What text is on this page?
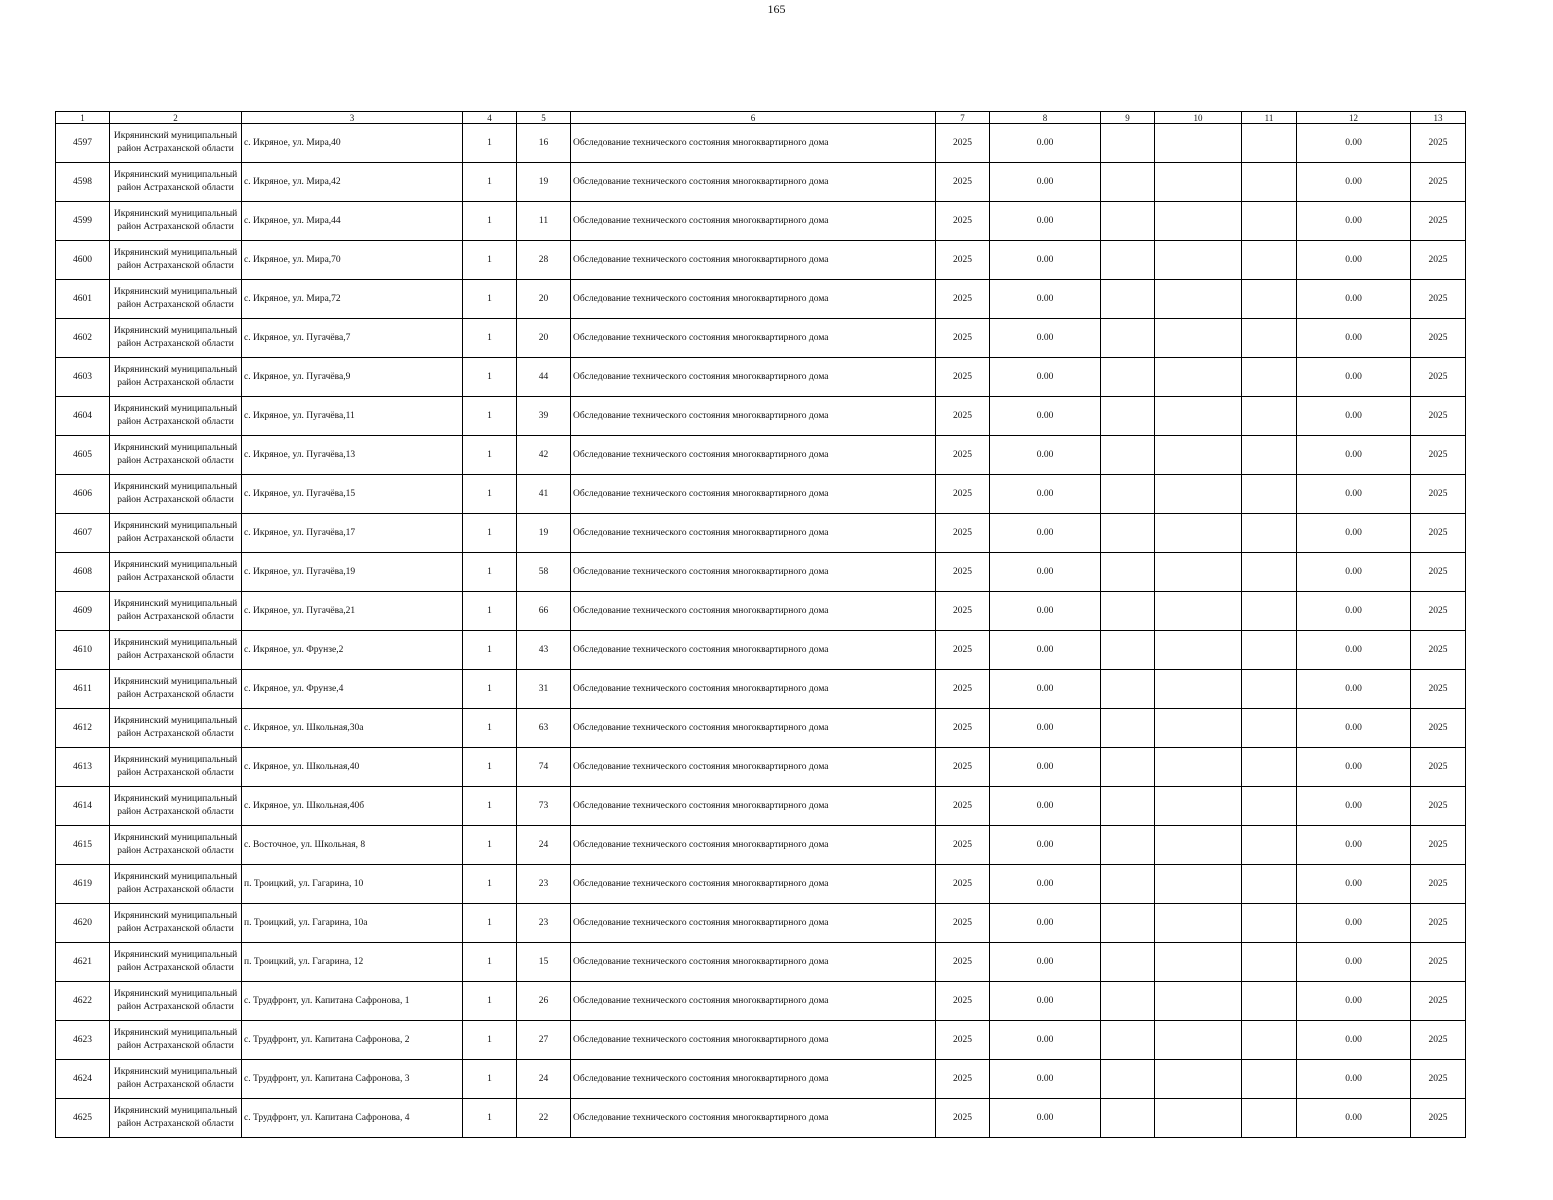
165
1	2	3	4	5	6	7	8	9	10	11	12	13
4597	Икрянинский муниципальный район Астраханской области	с. Икряное, ул. Мира,40	1	16	Обследование технического состояния многоквартирного дома	2025	0.00				0.00	2025
4598	Икрянинский муниципальный район Астраханской области	с. Икряное, ул. Мира,42	1	19	Обследование технического состояния многоквартирного дома	2025	0.00				0.00	2025
4599	Икрянинский муниципальный район Астраханской области	с. Икряное, ул. Мира,44	1	11	Обследование технического состояния многоквартирного дома	2025	0.00				0.00	2025
4600	Икрянинский муниципальный район Астраханской области	с. Икряное, ул. Мира,70	1	28	Обследование технического состояния многоквартирного дома	2025	0.00				0.00	2025
4601	Икрянинский муниципальный район Астраханской области	с. Икряное, ул. Мира,72	1	20	Обследование технического состояния многоквартирного дома	2025	0.00				0.00	2025
4602	Икрянинский муниципальный район Астраханской области	с. Икряное, ул. Пугачёва,7	1	20	Обследование технического состояния многоквартирного дома	2025	0.00				0.00	2025
4603	Икрянинский муниципальный район Астраханской области	с. Икряное, ул. Пугачёва,9	1	44	Обследование технического состояния многоквартирного дома	2025	0.00				0.00	2025
4604	Икрянинский муниципальный район Астраханской области	с. Икряное, ул. Пугачёва,11	1	39	Обследование технического состояния многоквартирного дома	2025	0.00				0.00	2025
4605	Икрянинский муниципальный район Астраханской области	с. Икряное, ул. Пугачёва,13	1	42	Обследование технического состояния многоквартирного дома	2025	0.00				0.00	2025
4606	Икрянинский муниципальный район Астраханской области	с. Икряное, ул. Пугачёва,15	1	41	Обследование технического состояния многоквартирного дома	2025	0.00				0.00	2025
4607	Икрянинский муниципальный район Астраханской области	с. Икряное, ул. Пугачёва,17	1	19	Обследование технического состояния многоквартирного дома	2025	0.00				0.00	2025
4608	Икрянинский муниципальный район Астраханской области	с. Икряное, ул. Пугачёва,19	1	58	Обследование технического состояния многоквартирного дома	2025	0.00				0.00	2025
4609	Икрянинский муниципальный район Астраханской области	с. Икряное, ул. Пугачёва,21	1	66	Обследование технического состояния многоквартирного дома	2025	0.00				0.00	2025
4610	Икрянинский муниципальный район Астраханской области	с. Икряное, ул. Фрунзе,2	1	43	Обследование технического состояния многоквартирного дома	2025	0.00				0.00	2025
4611	Икрянинский муниципальный район Астраханской области	с. Икряное, ул. Фрунзе,4	1	31	Обследование технического состояния многоквартирного дома	2025	0.00				0.00	2025
4612	Икрянинский муниципальный район Астраханской области	с. Икряное, ул. Школьная,30а	1	63	Обследование технического состояния многоквартирного дома	2025	0.00				0.00	2025
4613	Икрянинский муниципальный район Астраханской области	с. Икряное, ул. Школьная,40	1	74	Обследование технического состояния многоквартирного дома	2025	0.00				0.00	2025
4614	Икрянинский муниципальный район Астраханской области	с. Икряное, ул. Школьная,40б	1	73	Обследование технического состояния многоквартирного дома	2025	0.00				0.00	2025
4615	Икрянинский муниципальный район Астраханской области	с. Восточное, ул. Школьная, 8	1	24	Обследование технического состояния многоквартирного дома	2025	0.00				0.00	2025
4619	Икрянинский муниципальный район Астраханской области	п. Троицкий, ул. Гагарина, 10	1	23	Обследование технического состояния многоквартирного дома	2025	0.00				0.00	2025
4620	Икрянинский муниципальный район Астраханской области	п. Троицкий, ул. Гагарина, 10а	1	23	Обследование технического состояния многоквартирного дома	2025	0.00				0.00	2025
4621	Икрянинский муниципальный район Астраханской области	п. Троицкий, ул. Гагарина, 12	1	15	Обследование технического состояния многоквартирного дома	2025	0.00				0.00	2025
4622	Икрянинский муниципальный район Астраханской области	с. Трудфронт, ул. Капитана Сафронова, 1	1	26	Обследование технического состояния многоквартирного дома	2025	0.00				0.00	2025
4623	Икрянинский муниципальный район Астраханской области	с. Трудфронт, ул. Капитана Сафронова, 2	1	27	Обследование технического состояния многоквартирного дома	2025	0.00				0.00	2025
4624	Икрянинский муниципальный район Астраханской области	с. Трудфронт, ул. Капитана Сафронова, 3	1	24	Обследование технического состояния многоквартирного дома	2025	0.00				0.00	2025
4625	Икрянинский муниципальный район Астраханской области	с. Трудфронт, ул. Капитана Сафронова, 4	1	22	Обследование технического состояния многоквартирного дома	2025	0.00				0.00	2025
